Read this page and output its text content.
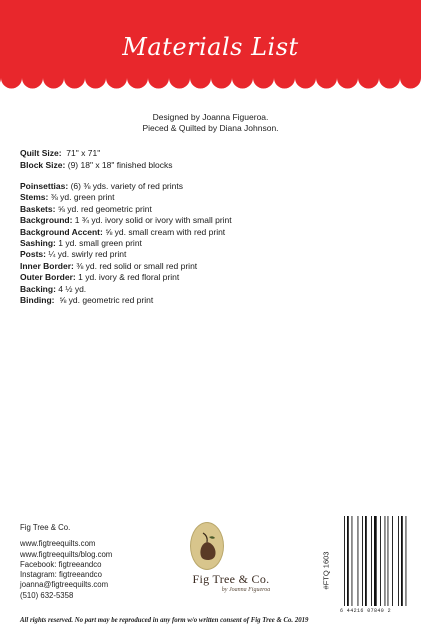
Materials List
Designed by Joanna Figueroa.
Pieced & Quilted by Diana Johnson.
Quilt Size: 71" x 71"
Block Size: (9) 18" x 18" finished blocks
Poinsettias: (6) ⅜ yds. variety of red prints
Stems: ⅜ yd. green print
Baskets: ⅝ yd. red geometric print
Background: 1 ¾ yd. ivory solid or ivory with small print
Background Accent: ⅝ yd. small cream with red print
Sashing: 1 yd. small green print
Posts: ¼ yd. swirly red print
Inner Border: ⅜ yd. red solid or small red print
Outer Border: 1 yd. ivory & red floral print
Backing: 4 ½ yd.
Binding: ⅝ yd. geometric red print
Fig Tree & Co.
www.figtreequilts.com
www.figtreequilts/blog.com
Facebook: figtreeandco
Instagram: figtreeandco
joanna@figtreequilts.com
(510) 632-5358
Fig Tree & Co.
by Joanna Figueroa
#FTQ 1603
6 44216 07840 2
All rights reserved. No part may be reproduced in any form w/o written consent of Fig Tree & Co. 2019
